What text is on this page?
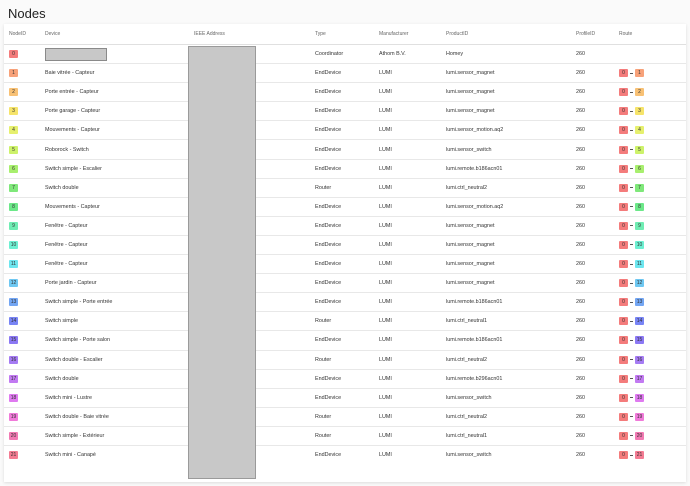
Nodes
NodeID	Device	IEEE Address	Type	Manufacturer	ProductID	ProfileID	Route
0			Coordinator	Athom B.V.	Homey	260	
1	Baie vitrée - Capteur		EndDevice	LUMI	lumi.sensor_magnet	260	0 1

2	Porte entrée - Capteur		EndDevice	LUMI	lumi.sensor_magnet	260	0 2

3	Porte garage - Capteur		EndDevice	LUMI	lumi.sensor_magnet	260	0 3

4	Mouvements - Capteur		EndDevice	LUMI	lumi.sensor_motion.aq2	260	0 4

5	Roborock - Switch		EndDevice	LUMI	lumi.sensor_switch	260	0 5

6	Switch simple - Escalier		EndDevice	LUMI	lumi.remote.b186acn01	260	0 6

7	Switch double		Router	LUMI	lumi.ctrl_neutral2	260	0 7

8	Mouvements - Capteur		EndDevice	LUMI	lumi.sensor_motion.aq2	260	0 8

9	Fenêtre - Capteur		EndDevice	LUMI	lumi.sensor_magnet	260	0 9

10	Fenêtre - Capteur		EndDevice	LUMI	lumi.sensor_magnet	260	0 10

11	Fenêtre - Capteur		EndDevice	LUMI	lumi.sensor_magnet	260	0 11

12	Porte jardin - Capteur		EndDevice	LUMI	lumi.sensor_magnet	260	0 12

13	Switch simple - Porte entrée		EndDevice	LUMI	lumi.remote.b186acn01	260	0 13

14	Switch simple		Router	LUMI	lumi.ctrl_neutral1	260	0 14

15	Switch simple - Porte salon		EndDevice	LUMI	lumi.remote.b186acn01	260	0 15

16	Switch double - Escalier		Router	LUMI	lumi.ctrl_neutral2	260	0 16

17	Switch double		EndDevice	LUMI	lumi.remote.b296acn01	260	0 17

18	Switch mini - Lustre		EndDevice	LUMI	lumi.sensor_switch	260	0 18

19	Switch double - Baie vitrée		Router	LUMI	lumi.ctrl_neutral2	260	0 19

20	Switch simple - Extérieur		Router	LUMI	lumi.ctrl_neutral1	260	0 20

21	Switch mini - Canapé		EndDevice	LUMI	lumi.sensor_switch	260	0 21
